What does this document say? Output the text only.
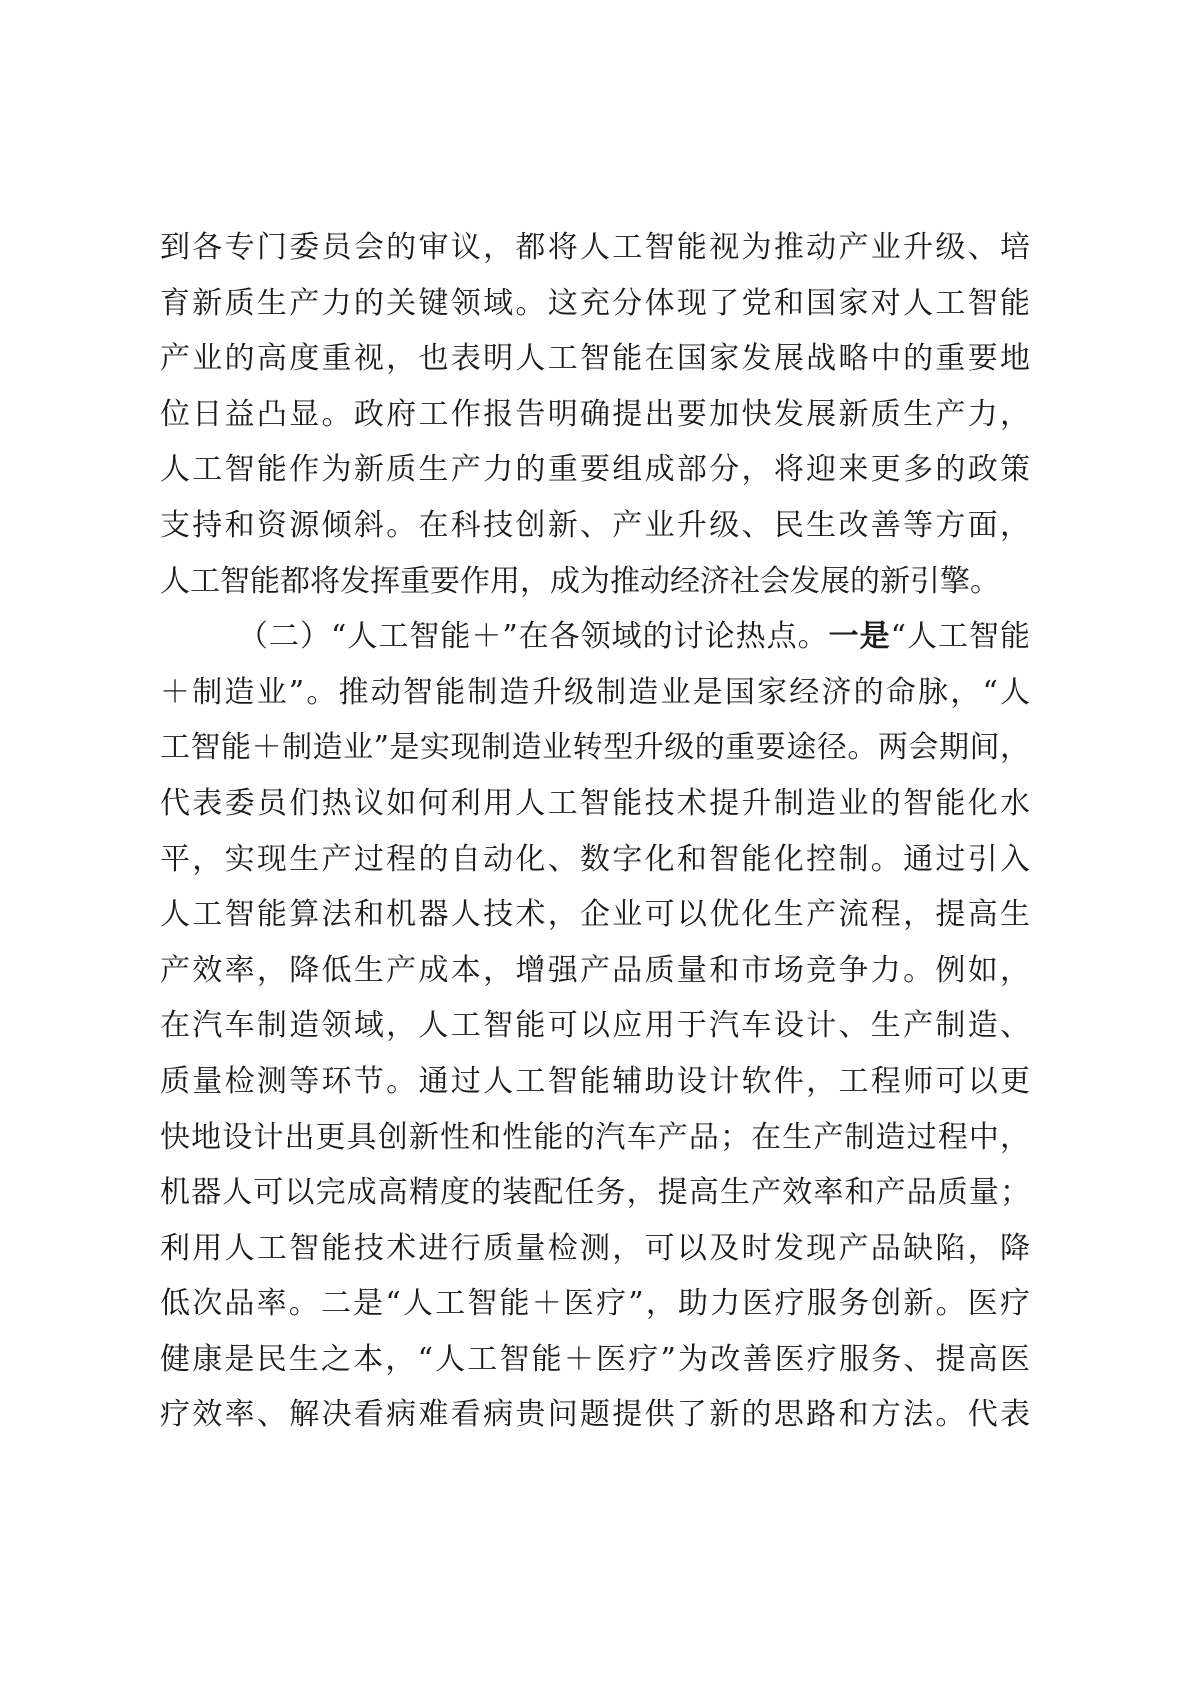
到各专门委员会的审议，都将人工智能视为推动产业升级、培
育新质生产力的关键领域。这充分体现了党和国家对人工智能
产业的高度重视，也表明人工智能在国家发展战略中的重要地
位日益凸显。政府工作报告明确提出要加快发展新质生产力，
人工智能作为新质生产力的重要组成部分，将迎来更多的政策
支持和资源倾斜。在科技创新、产业升级、民生改善等方面，
人工智能都将发挥重要作用，成为推动经济社会发展的新引擎。
（二）“人工智能＋”在各领域的讨论热点。一是“人工智能
＋制造业”。推动智能制造升级制造业是国家经济的命脉，“人
工智能＋制造业”是实现制造业转型升级的重要途径。两会期间，
代表委员们热议如何利用人工智能技术提升制造业的智能化水
平，实现生产过程的自动化、数字化和智能化控制。通过引入
人工智能算法和机器人技术，企业可以优化生产流程，提高生
产效率，降低生产成本，增强产品质量和市场竞争力。例如，
在汽车制造领域，人工智能可以应用于汽车设计、生产制造、
质量检测等环节。通过人工智能辅助设计软件，工程师可以更
快地设计出更具创新性和性能的汽车产品；在生产制造过程中，
机器人可以完成高精度的装配任务，提高生产效率和产品质量；
利用人工智能技术进行质量检测，可以及时发现产品缺陷，降
低次品率。二是“人工智能＋医疗”，助力医疗服务创新。医疗
健康是民生之本，“人工智能＋医疗”为改善医疗服务、提高医
疗效率、解决看病难看病贵问题提供了新的思路和方法。代表
